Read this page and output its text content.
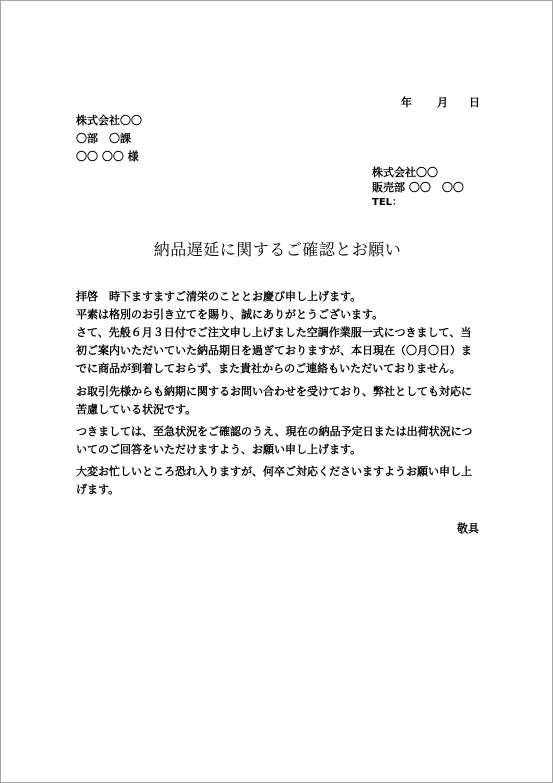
年 月 日
株式会社〇〇
〇部　〇課
〇〇 〇〇 様
株式会社〇〇
販売部 〇〇　〇〇
TEL：
納品遅延に関するご確認とお願い
拝啓　時下ますますご清栄のこととお慶び申し上げます。
平素は格別のお引き立てを賜り、誠にありがとうございます。
さて、先般６月３日付でご注文申し上げました空調作業服一式につきまして、当
初ご案内いただいていた納品期日を過ぎておりますが、本日現在（〇月〇日）ま
でに商品が到着しておらず、また貴社からのご連絡もいただいておりません。
お取引先様からも納期に関するお問い合わせを受けており、弊社としても対応に
苦慮している状況です。
つきましては、至急状況をご確認のうえ、現在の納品予定日または出荷状況につ
いてのご回答をいただけますよう、お願い申し上げます。
大変お忙しいところ恐れ入りますが、何卒ご対応くださいますようお願い申し上
げます。
敬具
